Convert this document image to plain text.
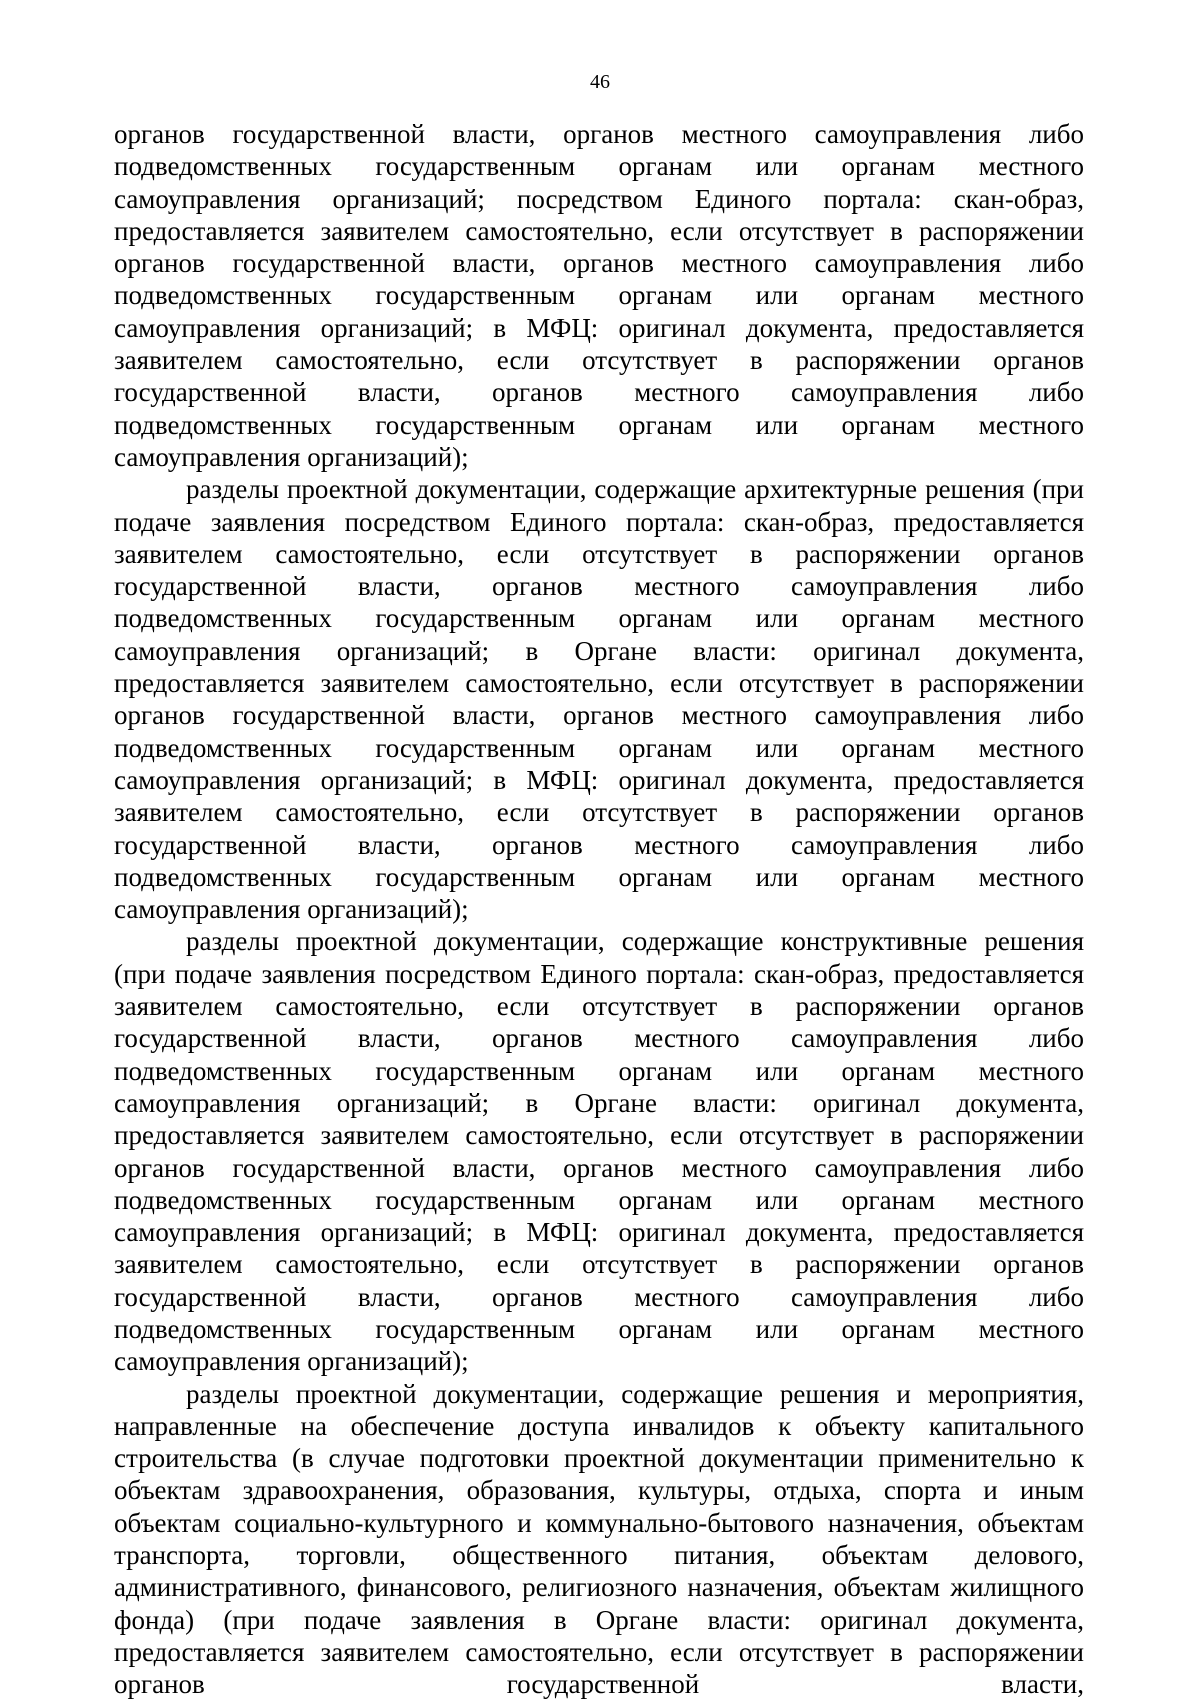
46

органов государственной власти, органов местного самоуправления либо подведомственных государственным органам или органам местного самоуправления организаций; посредством Единого портала: скан-образ, предоставляется заявителем самостоятельно, если отсутствует в распоряжении органов государственной власти, органов местного самоуправления либо подведомственных государственным органам или органам местного самоуправления организаций; в МФЦ: оригинал документа, предоставляется заявителем самостоятельно, если отсутствует в распоряжении органов государственной власти, органов местного самоуправления либо подведомственных государственным органам или органам местного самоуправления организаций);

разделы проектной документации, содержащие архитектурные решения (при подаче заявления посредством Единого портала: скан-образ, предоставляется заявителем самостоятельно, если отсутствует в распоряжении органов государственной власти, органов местного самоуправления либо подведомственных государственным органам или органам местного самоуправления организаций; в Органе власти: оригинал документа, предоставляется заявителем самостоятельно, если отсутствует в распоряжении органов государственной власти, органов местного самоуправления либо подведомственных государственным органам или органам местного самоуправления организаций; в МФЦ: оригинал документа, предоставляется заявителем самостоятельно, если отсутствует в распоряжении органов государственной власти, органов местного самоуправления либо подведомственных государственным органам или органам местного самоуправления организаций);

разделы проектной документации, содержащие конструктивные решения (при подаче заявления посредством Единого портала: скан-образ, предоставляется заявителем самостоятельно, если отсутствует в распоряжении органов государственной власти, органов местного самоуправления либо подведомственных государственным органам или органам местного самоуправления организаций; в Органе власти: оригинал документа, предоставляется заявителем самостоятельно, если отсутствует в распоряжении органов государственной власти, органов местного самоуправления либо подведомственных государственным органам или органам местного самоуправления организаций; в МФЦ: оригинал документа, предоставляется заявителем самостоятельно, если отсутствует в распоряжении органов государственной власти, органов местного самоуправления либо подведомственных государственным органам или органам местного самоуправления организаций);

разделы проектной документации, содержащие решения и мероприятия, направленные на обеспечение доступа инвалидов к объекту капитального строительства (в случае подготовки проектной документации применительно к объектам здравоохранения, образования, культуры, отдыха, спорта и иным объектам социально-культурного и коммунально-бытового назначения, объектам транспорта, торговли, общественного питания, объектам делового, административного, финансового, религиозного назначения, объектам жилищного фонда) (при подаче заявления в Органе власти: оригинал документа, предоставляется заявителем самостоятельно, если отсутствует в распоряжении органов государственной власти,
